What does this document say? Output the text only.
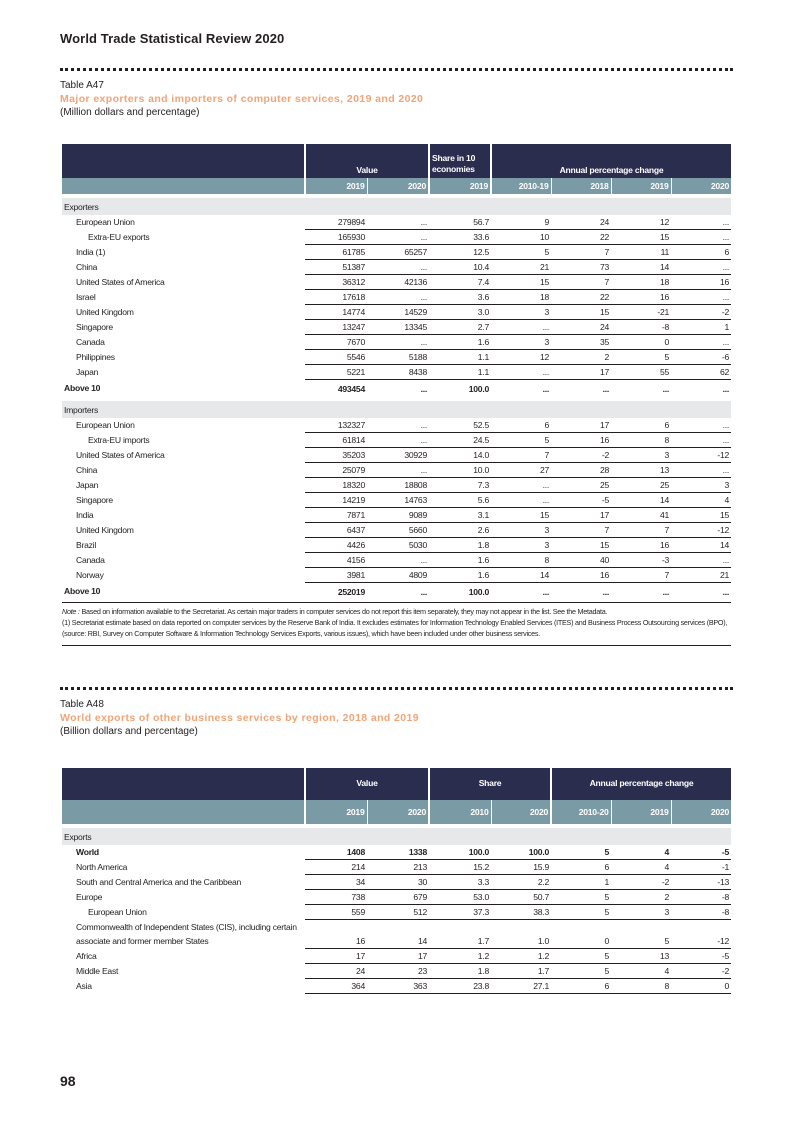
World Trade Statistical Review 2020
Table A47
Major exporters and importers of computer services, 2019 and 2020
(Million dollars and percentage)
	Value		Share in 10 economies	Annual percentage change			
	2019	2020	2019	2010-19	2018	2019	2020

Exporters							
European Union	279894	...	56.7	9	24	12	...
Extra-EU exports	165930	...	33.6	10	22	15	...
India (1)	61785	65257	12.5	5	7	11	6
China	51387	...	10.4	21	73	14	...
United States of America	36312	42136	7.4	15	7	18	16
Israel	17618	...	3.6	18	22	16	...
United Kingdom	14774	14529	3.0	3	15	-21	-2
Singapore	13247	13345	2.7	...	24	-8	1
Canada	7670	...	1.6	3	35	0	...
Philippines	5546	5188	1.1	12	2	5	-6
Japan	5221	8438	1.1	...	17	55	62
Above 10	493454	...	100.0	...	...	...	...

Importers							
European Union	132327	...	52.5	6	17	6	...
Extra-EU imports	61814	...	24.5	5	16	8	...
United States of America	35203	30929	14.0	7	-2	3	-12
China	25079	...	10.0	27	28	13	...
Japan	18320	18808	7.3	...	25	25	3
Singapore	14219	14763	5.6	...	-5	14	4
India	7871	9089	3.1	15	17	41	15
United Kingdom	6437	5660	2.6	3	7	7	-12
Brazil	4426	5030	1.8	3	15	16	14
Canada	4156	...	1.6	8	40	-3	...
Norway	3981	4809	1.6	14	16	7	21
Above 10	252019	...	100.0	...	...	...	...
Note : Based on information available to the Secretariat. As certain major traders in computer services do not report this item separately, they may not appear in the list. See the Metadata.
(1) Secretariat estimate based on data reported on computer services by the Reserve Bank of India. It excludes estimates for Information Technology Enabled Services (ITES) and Business Process Outsourcing services (BPO), (source: RBI, Survey on Computer Software & Information Technology Services Exports, various issues), which have been included under other business services.
Table A48
World exports of other business services by region, 2018 and 2019
(Billion dollars and percentage)
	Value		Share		Annual percentage change		
	2019	2020	2010	2020	2010-20	2019	2020

Exports							
World	1408	1338	100.0	100.0	5	4	-5
North America	214	213	15.2	15.9	6	4	-1
South and Central America and the Caribbean	34	30	3.3	2.2	1	-2	-13
Europe	738	679	53.0	50.7	5	2	-8
European Union	559	512	37.3	38.3	5	3	-8
Commonwealth of Independent States (CIS), including certain							
associate and former member States	16	14	1.7	1.0	0	5	-12
Africa	17	17	1.2	1.2	5	13	-5
Middle East	24	23	1.8	1.7	5	4	-2
Asia	364	363	23.8	27.1	6	8	0
98
